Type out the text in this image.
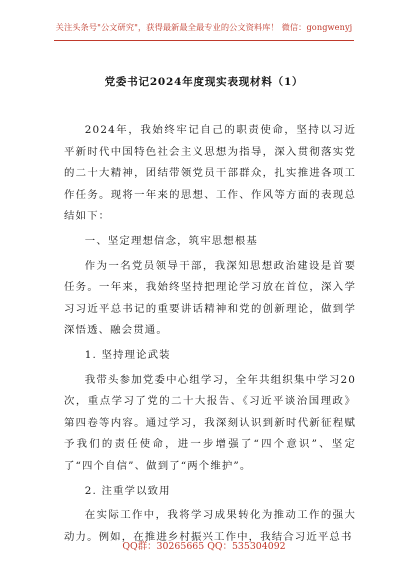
关注头条号"公文研究"，获得最新最全最专业的公文资料库！ 微信：gongwenyj
党委书记2024年度现实表现材料（1）

2024年，我始终牢记自己的职责使命，坚持以习近平新时代中国特色社会主义思想为指导，深入贯彻落实党的二十大精神，团结带领党员干部群众，扎实推进各项工作任务。现将一年来的思想、工作、作风等方面的表现总结如下：

一、坚定理想信念，筑牢思想根基

作为一名党员领导干部，我深知思想政治建设是首要任务。一年来，我始终坚持把理论学习放在首位，深入学习习近平总书记的重要讲话精神和党的创新理论，做到学深悟透、融会贯通。

1. 坚持理论武装

我带头参加党委中心组学习，全年共组织集中学习20次，重点学习了党的二十大报告、《习近平谈治国理政》第四卷等内容。通过学习，我深刻认识到新时代新征程赋予我们的责任使命，进一步增强了“四个意识”、坚定了“四个自信”、做到了“两个维护”。

2. 注重学以致用

在实际工作中，我将学习成果转化为推动工作的强大动力。例如，在推进乡村振兴工作中，我结合习近平总书

QQ群：30265665 QQ：535304092
